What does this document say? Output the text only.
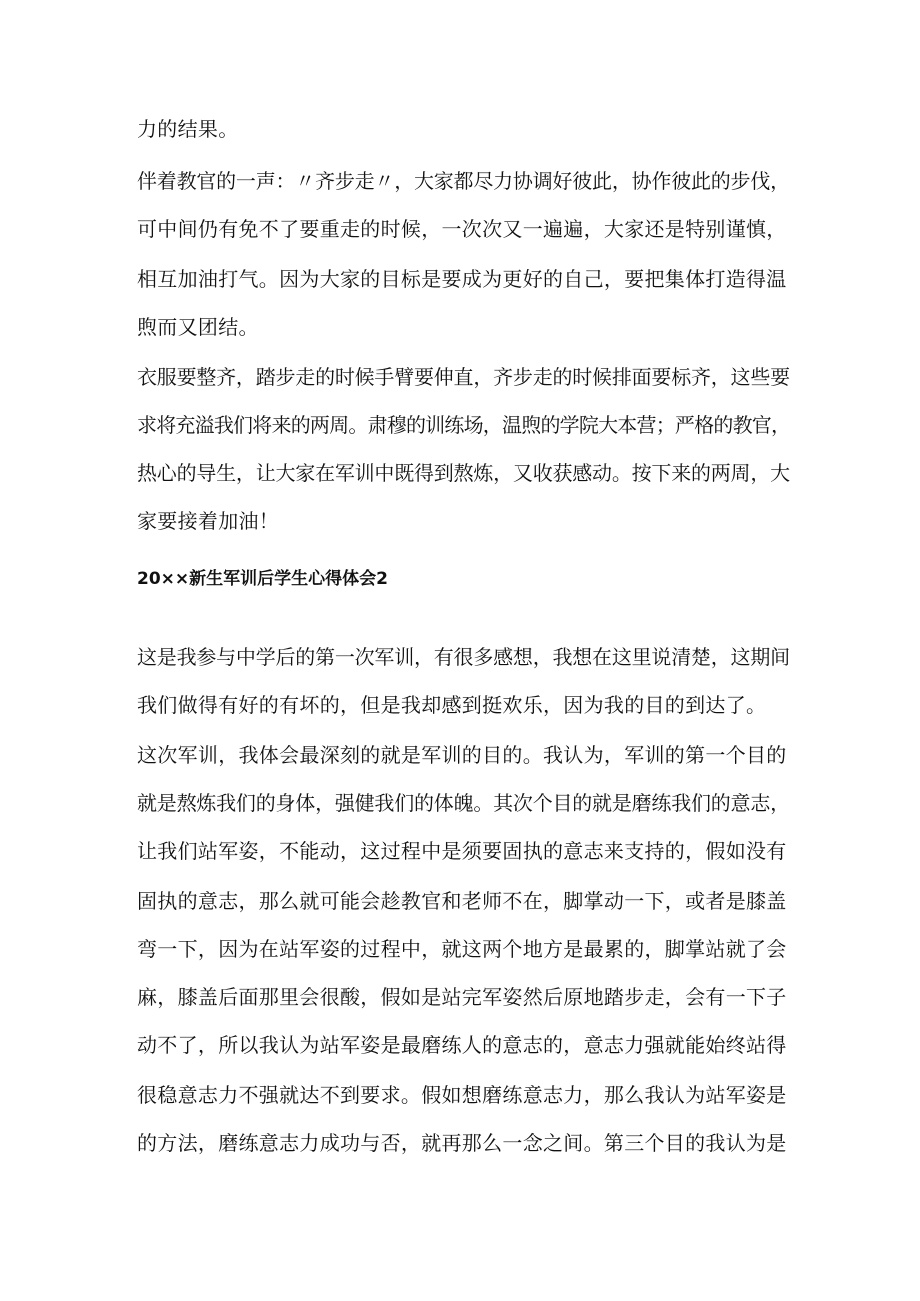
力的结果。
伴着教官的一声：〃齐步走〃，大家都尽力协调好彼此，协作彼此的步伐，
可中间仍有免不了要重走的时候，一次次又一遍遍，大家还是特别谨慎，
相互加油打气。因为大家的目标是要成为更好的自己，要把集体打造得温
煦而又团结。
衣服要整齐，踏步走的时候手臂要伸直，齐步走的时候排面要标齐，这些要
求将充溢我们将来的两周。肃穆的训练场，温煦的学院大本营；严格的教官，
热心的导生，让大家在军训中既得到熬炼，又收获感动。按下来的两周，大
家要接着加油！
20××新生军训后学生心得体会2
这是我参与中学后的第一次军训，有很多感想，我想在这里说清楚，这期间
我们做得有好的有坏的，但是我却感到挺欢乐，因为我的目的到达了。
这次军训，我体会最深刻的就是军训的目的。我认为，军训的第一个目的
就是熬炼我们的身体，强健我们的体魄。其次个目的就是磨练我们的意志，
让我们站军姿，不能动，这过程中是须要固执的意志来支持的，假如没有
固执的意志，那么就可能会趁教官和老师不在，脚掌动一下，或者是膝盖
弯一下，因为在站军姿的过程中，就这两个地方是最累的，脚掌站就了会
麻，膝盖后面那里会很酸，假如是站完军姿然后原地踏步走，会有一下子
动不了，所以我认为站军姿是最磨练人的意志的，意志力强就能始终站得
很稳意志力不强就达不到要求。假如想磨练意志力，那么我认为站军姿是
的方法，磨练意志力成功与否，就再那么一念之间。第三个目的我认为是
